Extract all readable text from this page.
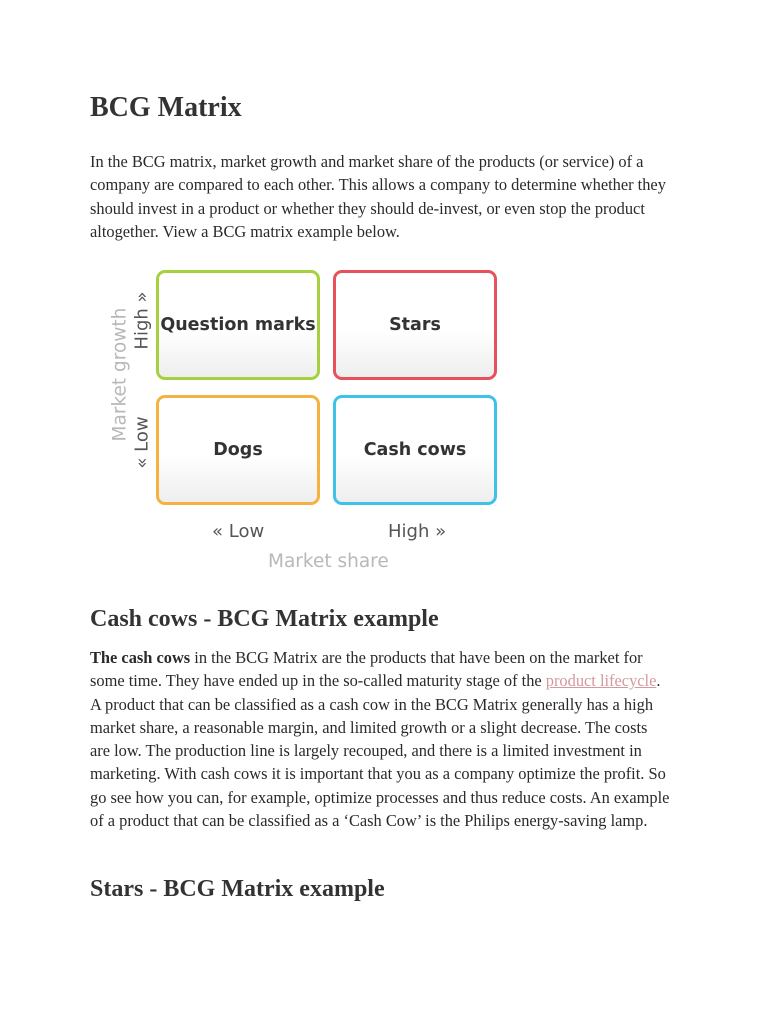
BCG Matrix

In the BCG matrix, market growth and market share of the products (or service) of a company are compared to each other. This allows a company to determine whether they should invest in a product or whether they should de-invest, or even stop the product altogether. View a BCG matrix example below.

Cash cows - BCG Matrix example

The cash cows in the BCG Matrix are the products that have been on the market for some time. They have ended up in the so-called maturity stage of the product lifecycle. A product that can be classified as a cash cow in the BCG Matrix generally has a high market share, a reasonable margin, and limited growth or a slight decrease. The costs are low. The production line is largely recouped, and there is a limited investment in marketing. With cash cows it is important that you as a company optimize the profit. So go see how you can, for example, optimize processes and thus reduce costs. An example of a product that can be classified as a ‘Cash Cow’ is the Philips energy-saving lamp.

Stars - BCG Matrix example
High »
« Low
Market growth Question marks	Stars
Dogs	Cash cows
« Low	High »
Market share
